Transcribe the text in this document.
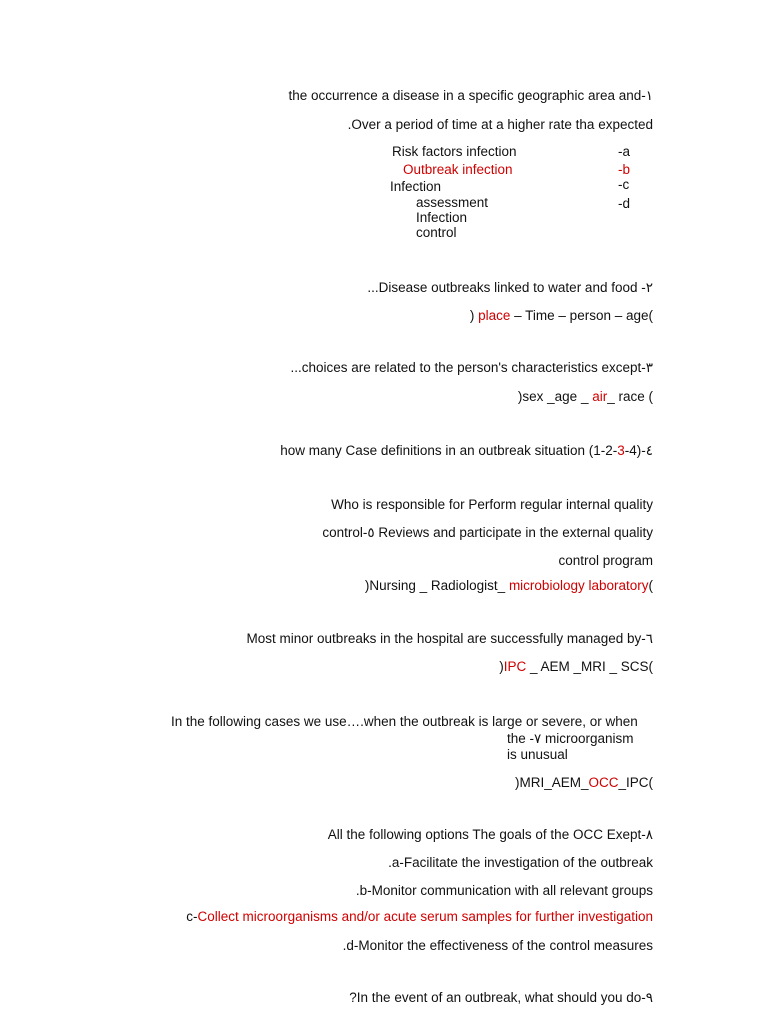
the occurrence a disease in a specific geographic area and-١
.Over a period of time at a higher rate tha expected
Risk factors infection	-a
Outbreak infection	-b
Infection	-c
assessment	-d
Infection
control
...Disease outbreaks linked to water and food -٢
) place – Time – person – age(
...choices are related to the person's characteristics except-٣
)sex _age _ air_ race (
how many Case definitions in an outbreak situation (1-2-3-4)-٤
Who is responsible for Perform regular internal quality
control-٥ Reviews and participate in the external quality
control program
)Nursing _ Radiologist_ microbiology laboratory(
Most minor outbreaks in the hospital are successfully managed by-٦
)IPC _ AEM _MRI _ SCS(
In the following cases we use….when the outbreak is large or severe, or when
the -٧ microorganism
is unusual
)MRI_AEM_OCC_IPC(
All the following options The goals of the OCC Exept-٨
.a-Facilitate the investigation of the outbreak
.b-Monitor communication with all relevant groups
c-Collect microorganisms and/or acute serum samples for further investigation
.d-Monitor the effectiveness of the control measures
?In the event of an outbreak, what should you do-٩
